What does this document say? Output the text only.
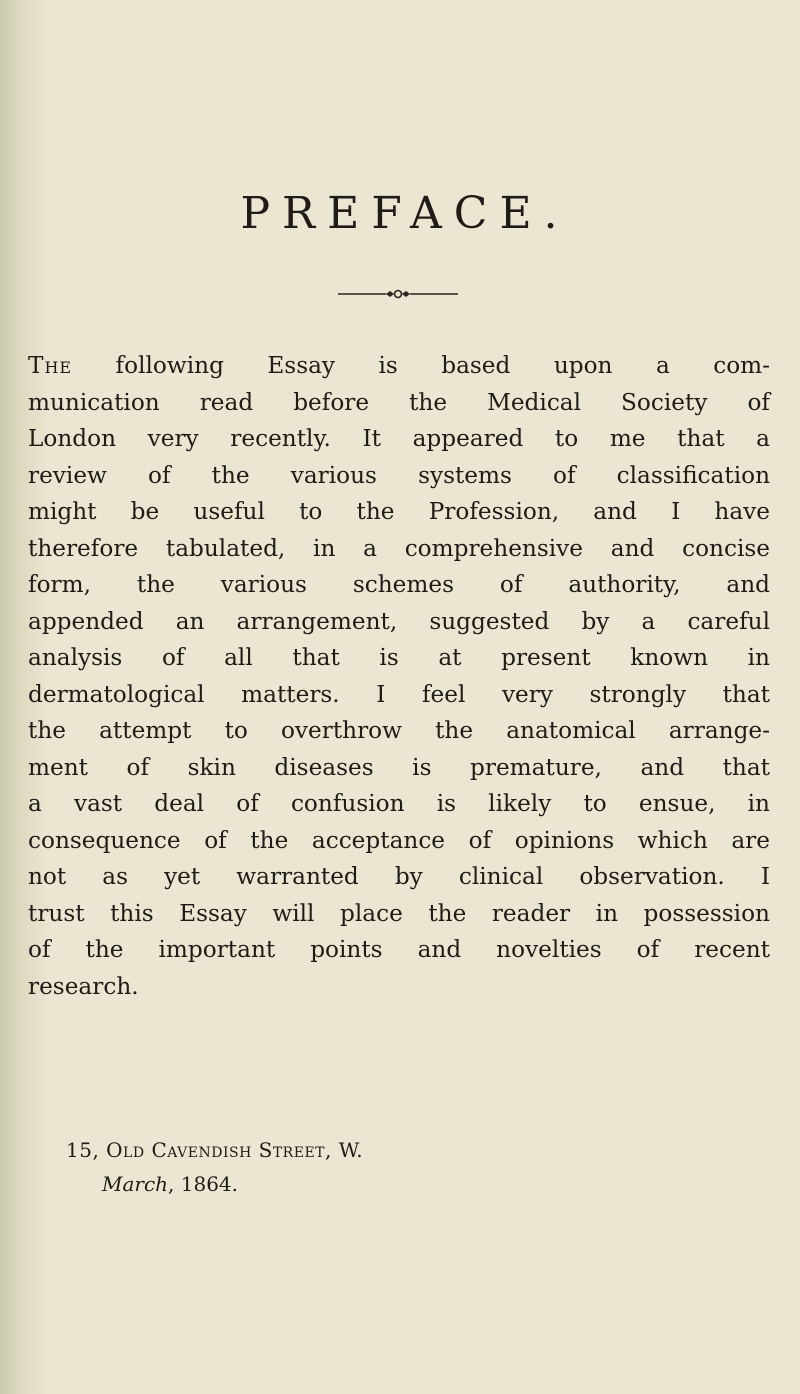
PREFACE.
The following Essay is based upon a com-
munication read before the Medical Society of
London very recently. It appeared to me that a
review of the various systems of classification
might be useful to the Profession, and I have
therefore tabulated, in a comprehensive and concise
form, the various schemes of authority, and
appended an arrangement, suggested by a careful
analysis of all that is at present known in
dermatological matters. I feel very strongly that
the attempt to overthrow the anatomical arrange-
ment of skin diseases is premature, and that
a vast deal of confusion is likely to ensue, in
consequence of the acceptance of opinions which are
not as yet warranted by clinical observation. I
trust this Essay will place the reader in possession
of the important points and novelties of recent
research.

15, Old Cavendish Street, W.

March, 1864.
